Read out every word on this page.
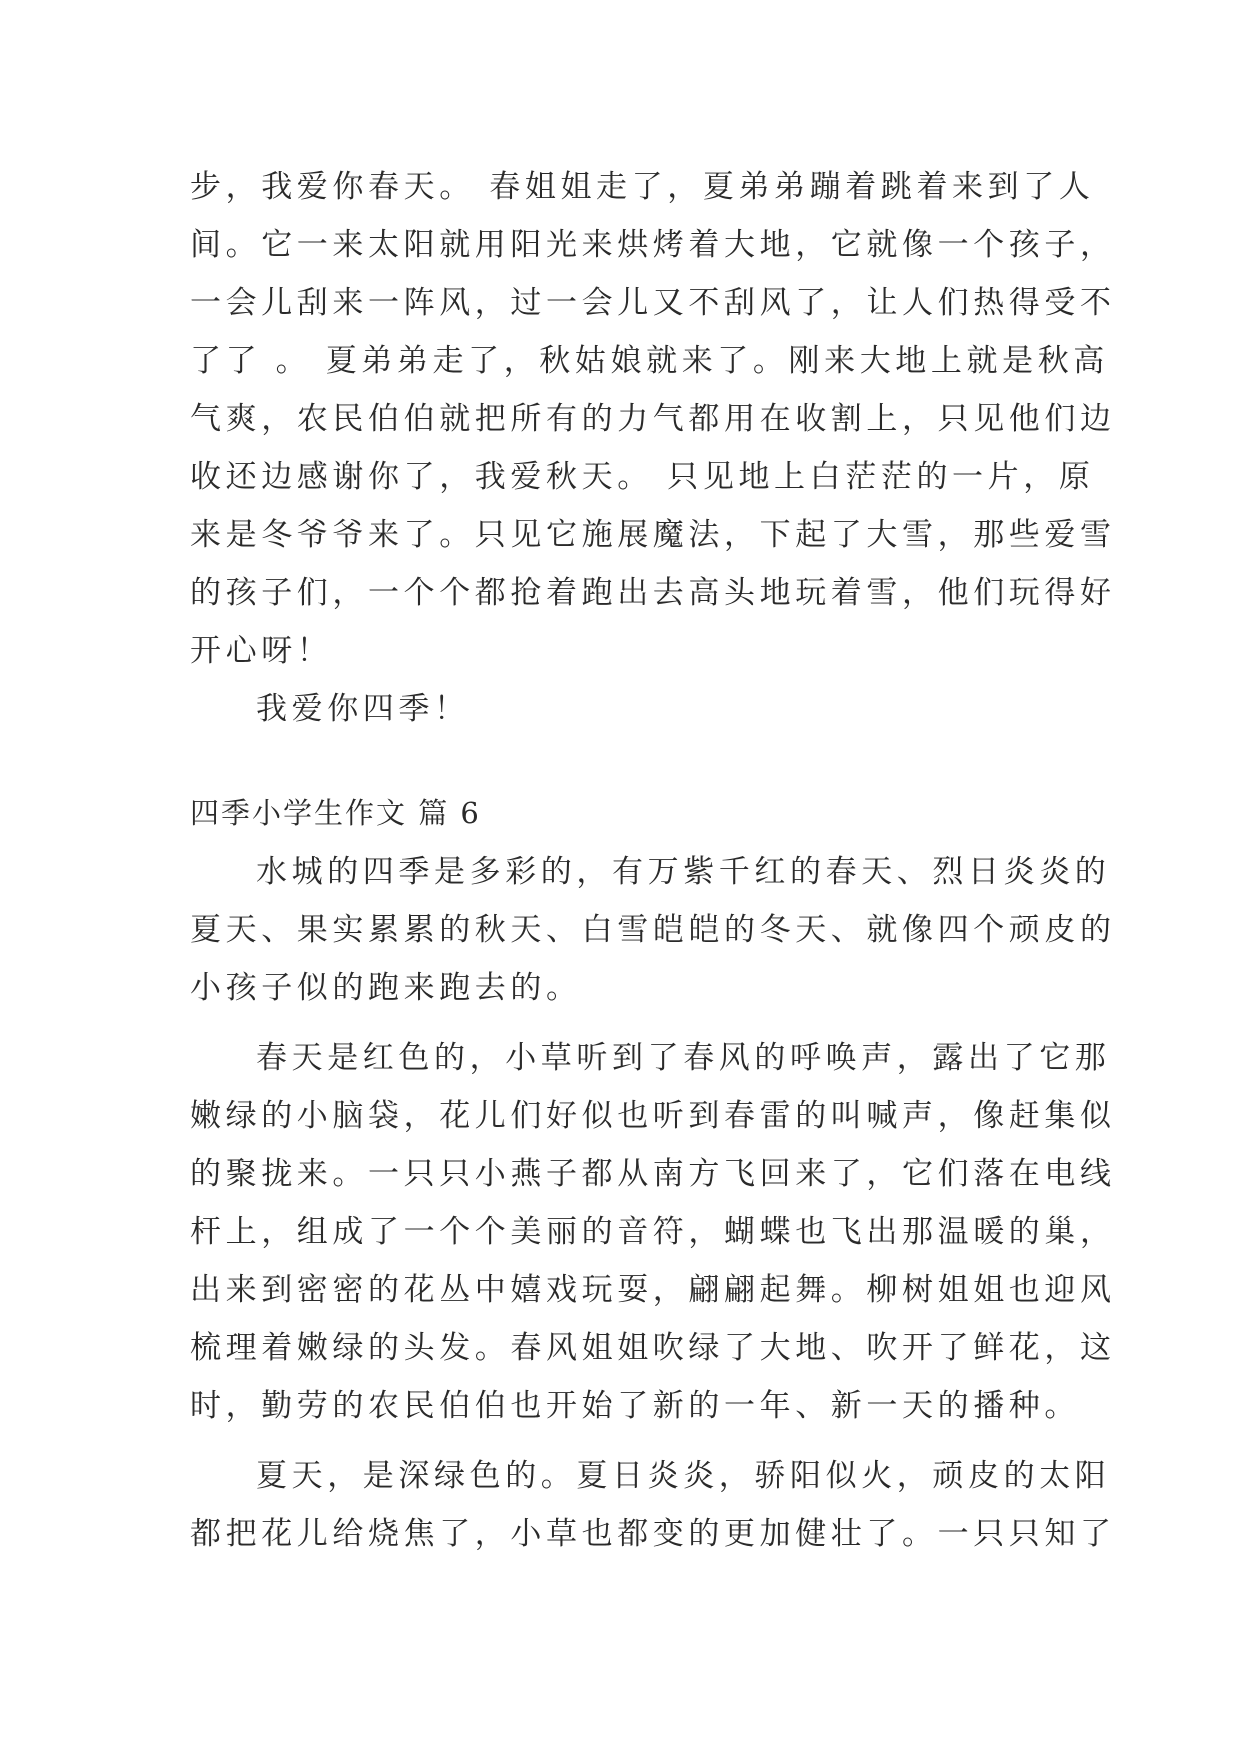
步，我爱你春天。 春姐姐走了，夏弟弟蹦着跳着来到了人
间。它一来太阳就用阳光来烘烤着大地，它就像一个孩子，
一会儿刮来一阵风，过一会儿又不刮风了，让人们热得受不
了了 。 夏弟弟走了，秋姑娘就来了。刚来大地上就是秋高
气爽，农民伯伯就把所有的力气都用在收割上，只见他们边
收还边感谢你了，我爱秋天。 只见地上白茫茫的一片，原
来是冬爷爷来了。只见它施展魔法，下起了大雪，那些爱雪
的孩子们，一个个都抢着跑出去高头地玩着雪，他们玩得好
开心呀！
我爱你四季！
四季小学生作文 篇 6
水城的四季是多彩的，有万紫千红的春天、烈日炎炎的
夏天、果实累累的秋天、白雪皑皑的冬天、就像四个顽皮的
小孩子似的跑来跑去的。
春天是红色的，小草听到了春风的呼唤声，露出了它那
嫩绿的小脑袋，花儿们好似也听到春雷的叫喊声，像赶集似
的聚拢来。一只只小燕子都从南方飞回来了，它们落在电线
杆上，组成了一个个美丽的音符，蝴蝶也飞出那温暖的巢，
出来到密密的花丛中嬉戏玩耍，翩翩起舞。柳树姐姐也迎风
梳理着嫩绿的头发。春风姐姐吹绿了大地、吹开了鲜花，这
时，勤劳的农民伯伯也开始了新的一年、新一天的播种。
夏天，是深绿色的。夏日炎炎，骄阳似火，顽皮的太阳
都把花儿给烧焦了，小草也都变的更加健壮了。一只只知了
